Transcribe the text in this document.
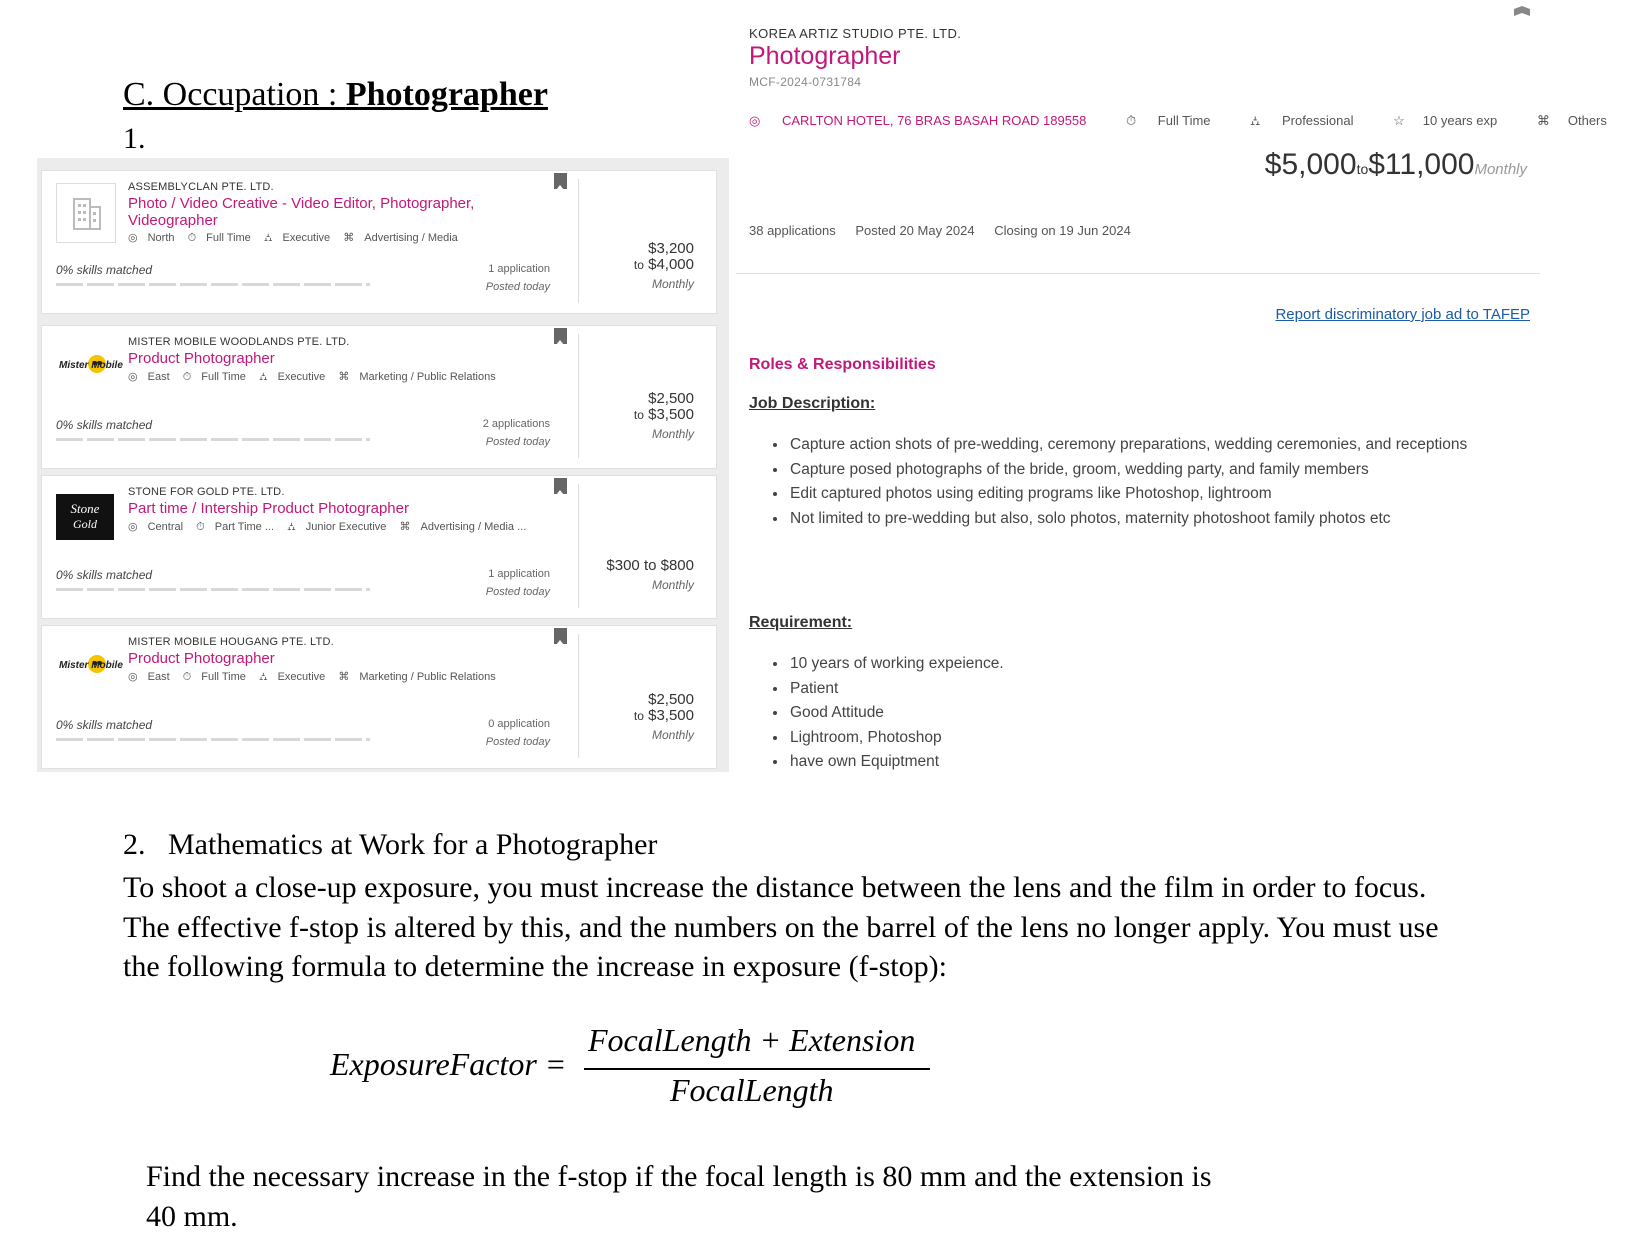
C. Occupation : Photographer
1.
ASSEMBLYCLAN PTE. LTD.
Photo / Video Creative - Video Editor, Photographer, Videographer
◎ North ⏱ Full Time ⛼ Executive ⌘ Advertising / Media
0% skills matched	1 application
Posted today
$3,200
to $4,000
Monthly
Mister Mobile
MISTER MOBILE WOODLANDS PTE. LTD.
Product Photographer
◎ East ⏱ Full Time ⛼ Executive ⌘ Marketing / Public Relations
0% skills matched	2 applications
Posted today
$2,500
to $3,500
Monthly
Stone
Gold
STONE FOR GOLD PTE. LTD.
Part time / Intership Product Photographer
◎ Central ⏱ Part Time ... ⛼ Junior Executive ⌘ Advertising / Media ...
0% skills matched	1 application
Posted today
$300 to $800
Monthly
Mister Mobile
MISTER MOBILE HOUGANG PTE. LTD.
Product Photographer
◎ East ⏱ Full Time ⛼ Executive ⌘ Marketing / Public Relations
0% skills matched	0 application
Posted today
$2,500
to $3,500
Monthly
KOREA ARTIZ STUDIO PTE. LTD.
Photographer
MCF-2024-0731784
◎ CARLTON HOTEL, 76 BRAS BASAH ROAD 189558	⏱ Full Time	⛼ Professional	☆ 10 years exp	⌘ Others
$5,000to$11,000Monthly
38 applications Posted 20 May 2024 Closing on 19 Jun 2024
Report discriminatory job ad to TAFEP
Roles & Responsibilities
Job Description:
• Capture action shots of pre-wedding, ceremony preparations, wedding ceremonies, and receptions
• Capture posed photographs of the bride, groom, wedding party, and family members
• Edit captured photos using editing programs like Photoshop, lightroom
• Not limited to pre-wedding but also, solo photos, maternity photoshoot family photos etc
Requirement:
• 10 years of working expeience.
• Patient
• Good Attitude
• Lightroom, Photoshop
• have own Equiptment
2.   Mathematics at Work for a Photographer
To shoot a close-up exposure, you must increase the distance between the lens and the film in order to focus. The effective f-stop is altered by this, and the numbers on the barrel of the lens no longer apply. You must use the following formula to determine the increase in exposure (f-stop):
ExposureFactor =
FocalLength + Extension
FocalLength
Find the necessary increase in the f-stop if the focal length is 80 mm and the extension is 40 mm.
